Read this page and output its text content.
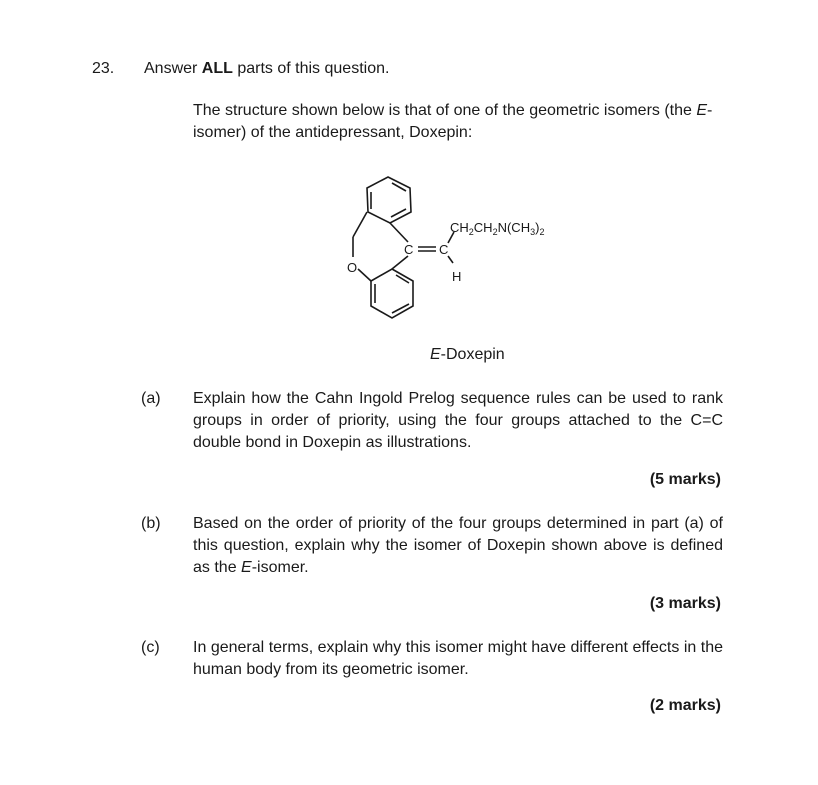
23. Answer ALL parts of this question.
The structure shown below is that of one of the geometric isomers (the E-isomer) of the antidepressant, Doxepin:
O
C C
H
$CH_2CH_2N(CH_3)_2$
E-Doxepin
(a) Explain how the Cahn Ingold Prelog sequence rules can be used to rank groups in order of priority, using the four groups attached to the C=C double bond in Doxepin as illustrations.
(5 marks)
(b) Based on the order of priority of the four groups determined in part (a) of this question, explain why the isomer of Doxepin shown above is defined as the E-isomer.
(3 marks)
(c) In general terms, explain why this isomer might have different effects in the human body from its geometric isomer.
(2 marks)
